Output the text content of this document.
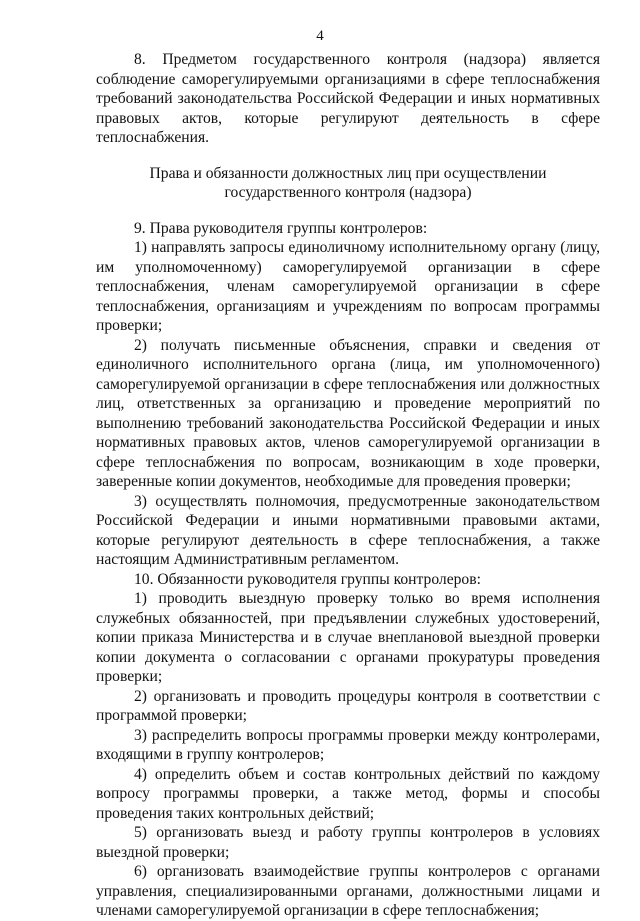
4

8. Предметом государственного контроля (надзора) является соблюдение саморегулируемыми организациями в сфере теплоснабжения требований законодательства Российской Федерации и иных нормативных правовых актов, которые регулируют деятельность в сфере теплоснабжения.

Права и обязанности должностных лиц при осуществлении
государственного контроля (надзора)

9. Права руководителя группы контролеров:

1) направлять запросы единоличному исполнительному органу (лицу, им уполномоченному) саморегулируемой организации в сфере теплоснабжения, членам саморегулируемой организации в сфере теплоснабжения, организациям и учреждениям по вопросам программы проверки;

2) получать письменные объяснения, справки и сведения от единоличного исполнительного органа (лица, им уполномоченного) саморегулируемой организации в сфере теплоснабжения или должностных лиц, ответственных за организацию и проведение мероприятий по выполнению требований законодательства Российской Федерации и иных нормативных правовых актов, членов саморегулируемой организации в сфере теплоснабжения по вопросам, возникающим в ходе проверки, заверенные копии документов, необходимые для проведения проверки;

3) осуществлять полномочия, предусмотренные законодательством Российской Федерации и иными нормативными правовыми актами, которые регулируют деятельность в сфере теплоснабжения, а также настоящим Административным регламентом.

10. Обязанности руководителя группы контролеров:

1) проводить выездную проверку только во время исполнения служебных обязанностей, при предъявлении служебных удостоверений, копии приказа Министерства и в случае внеплановой выездной проверки копии документа о согласовании с органами прокуратуры проведения проверки;

2) организовать и проводить процедуры контроля в соответствии с программой проверки;

3) распределить вопросы программы проверки между контролерами, входящими в группу контролеров;

4) определить объем и состав контрольных действий по каждому вопросу программы проверки, а также метод, формы и способы проведения таких контрольных действий;

5) организовать выезд и работу группы контролеров в условиях выездной проверки;

6) организовать взаимодействие группы контролеров с органами управления, специализированными органами, должностными лицами и членами саморегулируемой организации в сфере теплоснабжения;
